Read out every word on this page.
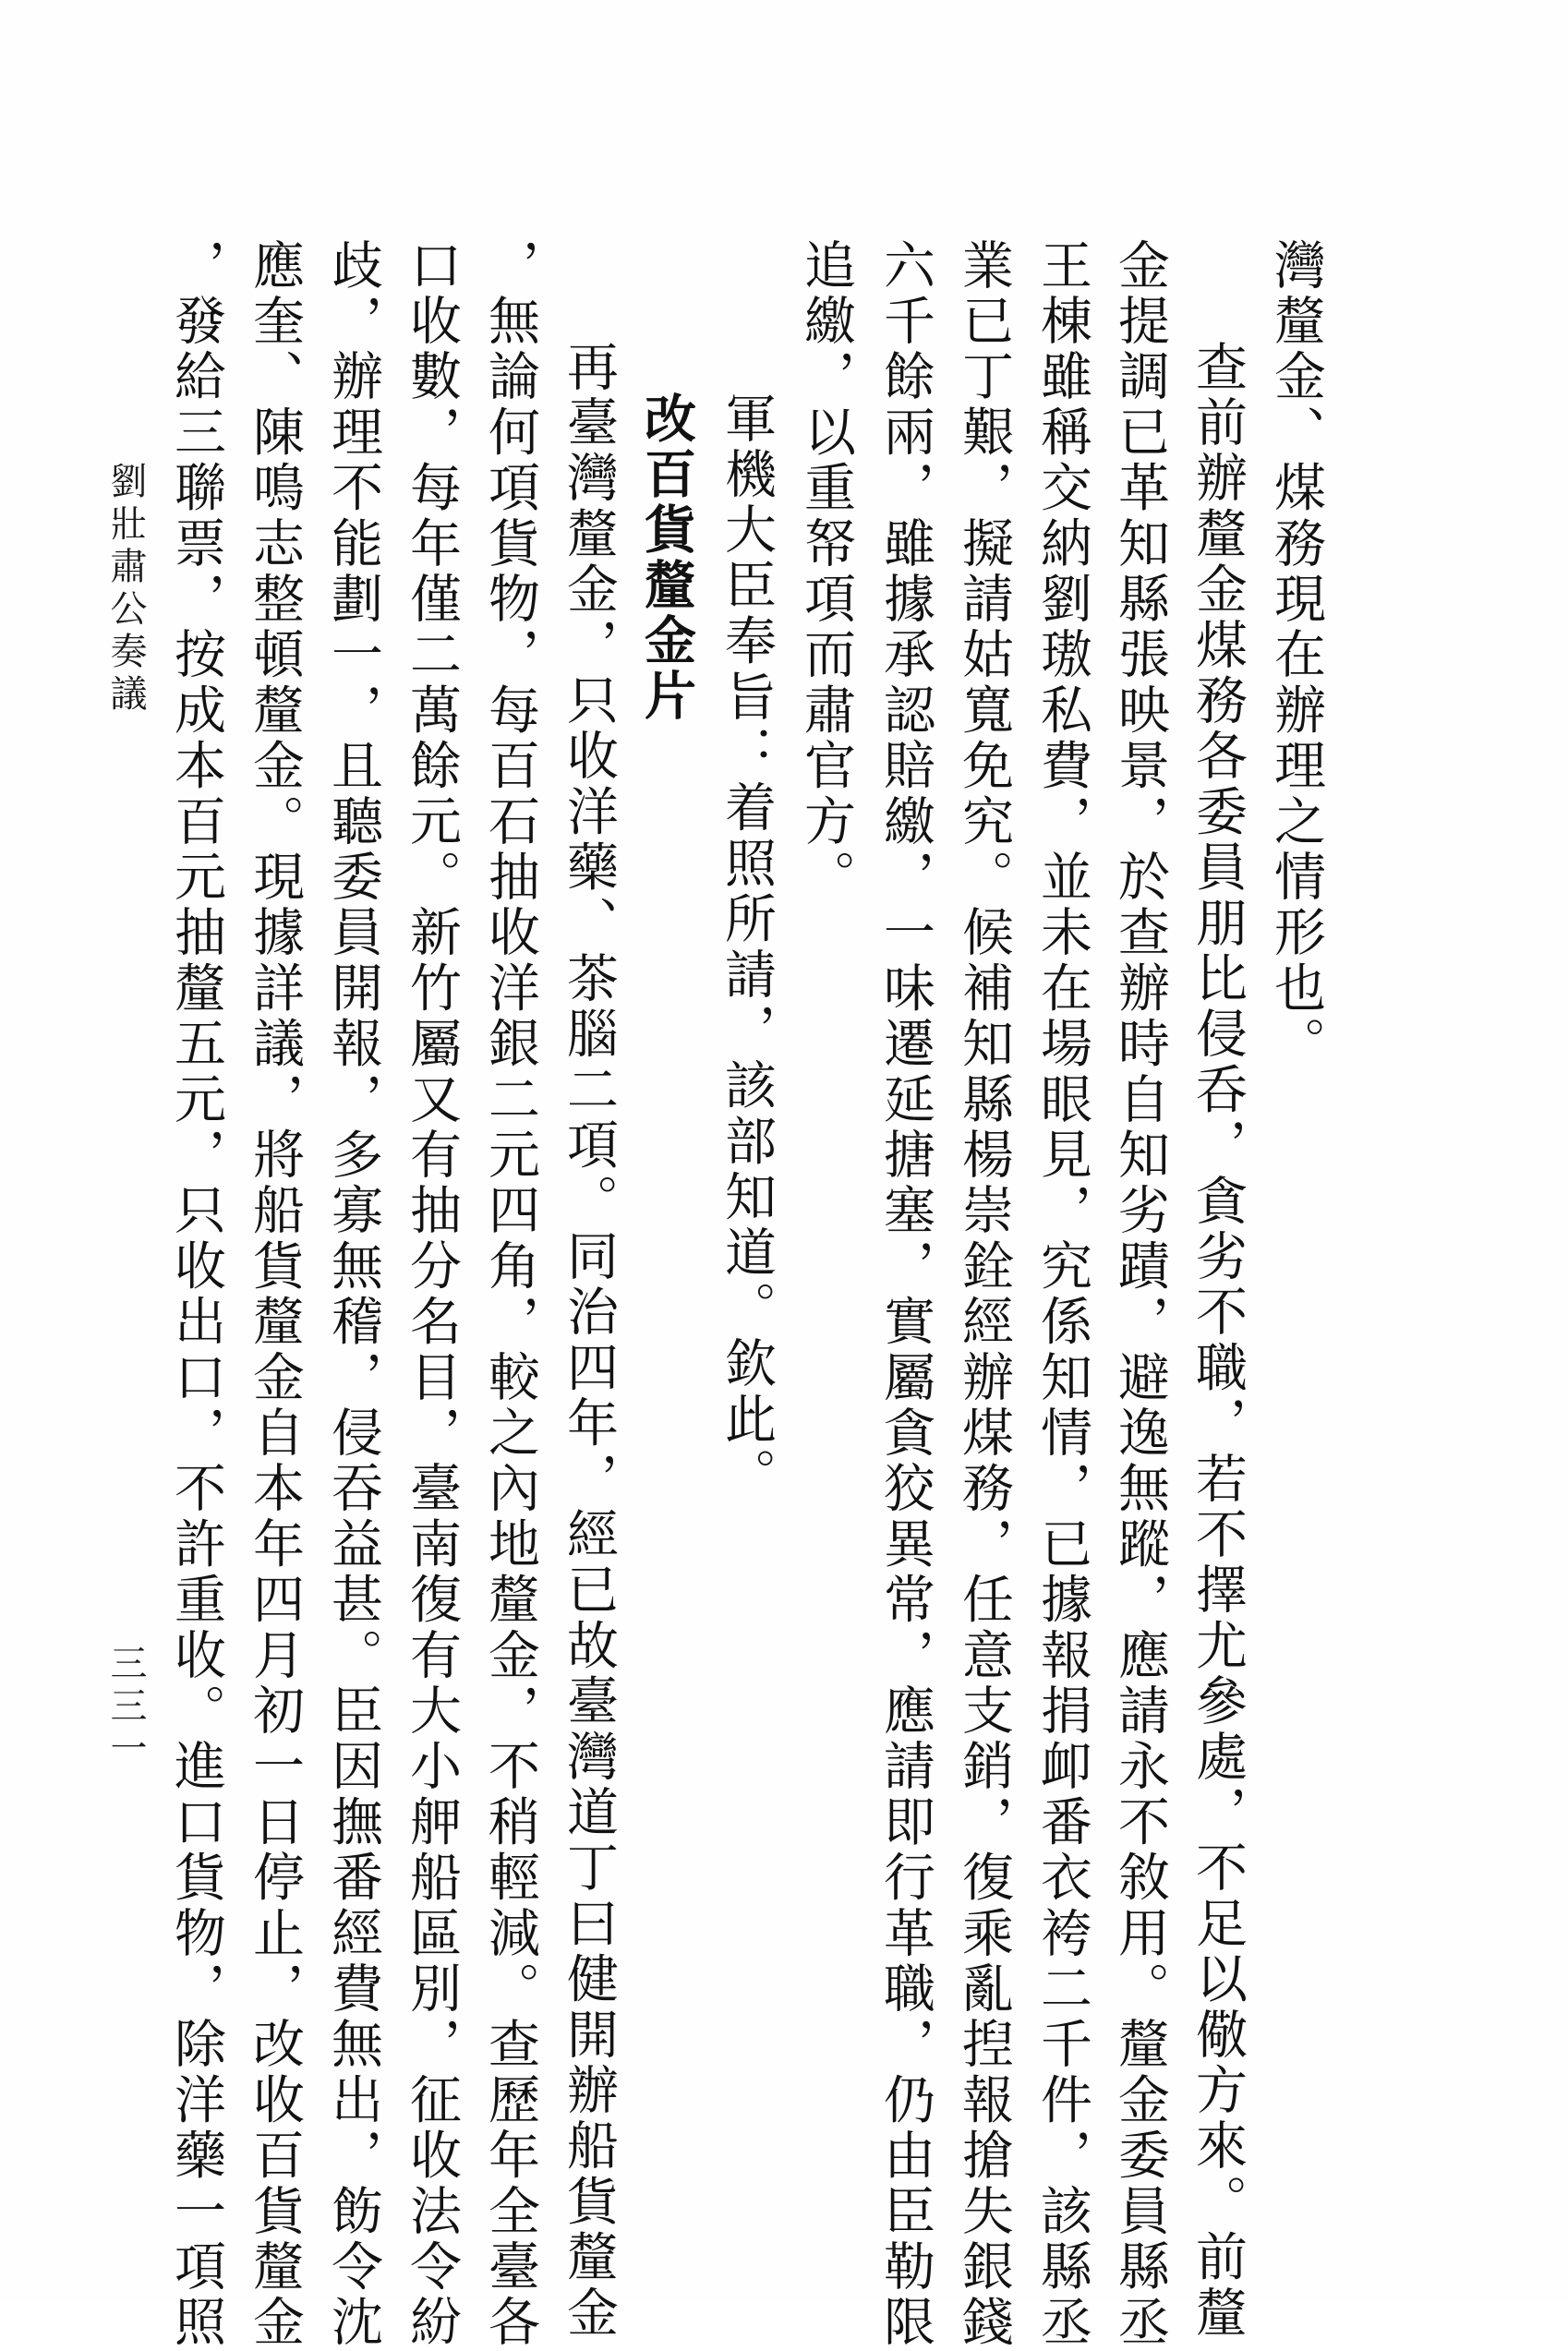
灣釐金、煤務現在辦理之情形也。
查前辦釐金煤務各委員朋比侵呑，貪劣不職，若不擇尤參處，不足以儆方來。前釐
金提調已革知縣張映景，於查辦時自知劣蹟，避逸無蹤，應請永不敘用。釐金委員縣丞
王棟雖稱交納劉璈私費，並未在場眼見，究係知情，已據報捐卹番衣袴二千件，該縣丞
業已丁艱，擬請姑寬免究。候補知縣楊崇銓經辦煤務，任意支銷，復乘亂揑報搶失銀錢
六千餘兩，雖據承認賠繳，一味遷延搪塞，實屬貪狡異常，應請即行革職，仍由臣勒限
追繳，以重帑項而肅官方。
軍機大臣奉旨：着照所請，該部知道。欽此。
改百貨釐金片
再臺灣釐金，只收洋藥、茶腦二項。同治四年，經已故臺灣道丁曰健開辦船貨釐金
，無論何項貨物，每百石抽收洋銀二元四角，較之內地釐金，不稍輕減。查歷年全臺各
口收數，每年僅二萬餘元。新竹屬又有抽分名目，臺南復有大小舺船區別，征收法令紛
歧，辦理不能劃一，且聽委員開報，多寡無稽，侵吞益甚。臣因撫番經費無出，飭令沈
應奎、陳鳴志整頓釐金。現據詳議，將船貨釐金自本年四月初一日停止，改收百貨釐金
，發給三聯票，按成本百元抽釐五元，只收出口，不許重收。進口貨物，除洋藥一項照
劉壯肅公奏議
三三一
